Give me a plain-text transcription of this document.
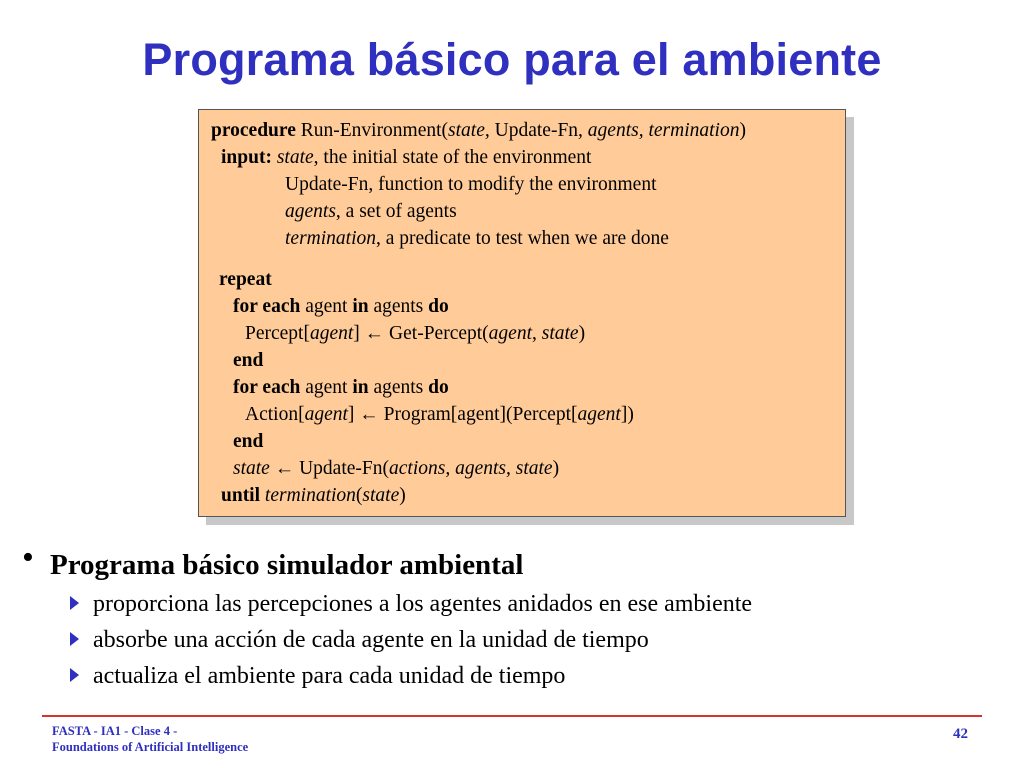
Programa básico para el ambiente
procedure Run-Environment(state, Update-Fn, agents, termination)
input: state, the initial state of the environment
Update-Fn, function to modify the environment
agents, a set of agents
termination, a predicate to test when we are done
repeat
for each agent in agents do
Percept[agent] ← Get-Percept(agent, state)
end
for each agent in agents do
Action[agent] ← Program[agent](Percept[agent])
end
state ← Update-Fn(actions, agents, state)
until termination(state)
• Programa básico simulador ambiental
proporciona las percepciones a los agentes anidados en ese ambiente
absorbe una acción de cada agente en la unidad de tiempo
actualiza el ambiente para cada unidad de tiempo
FASTA - IA1 - Clase 4 -
Foundations of Artificial Intelligence
42
